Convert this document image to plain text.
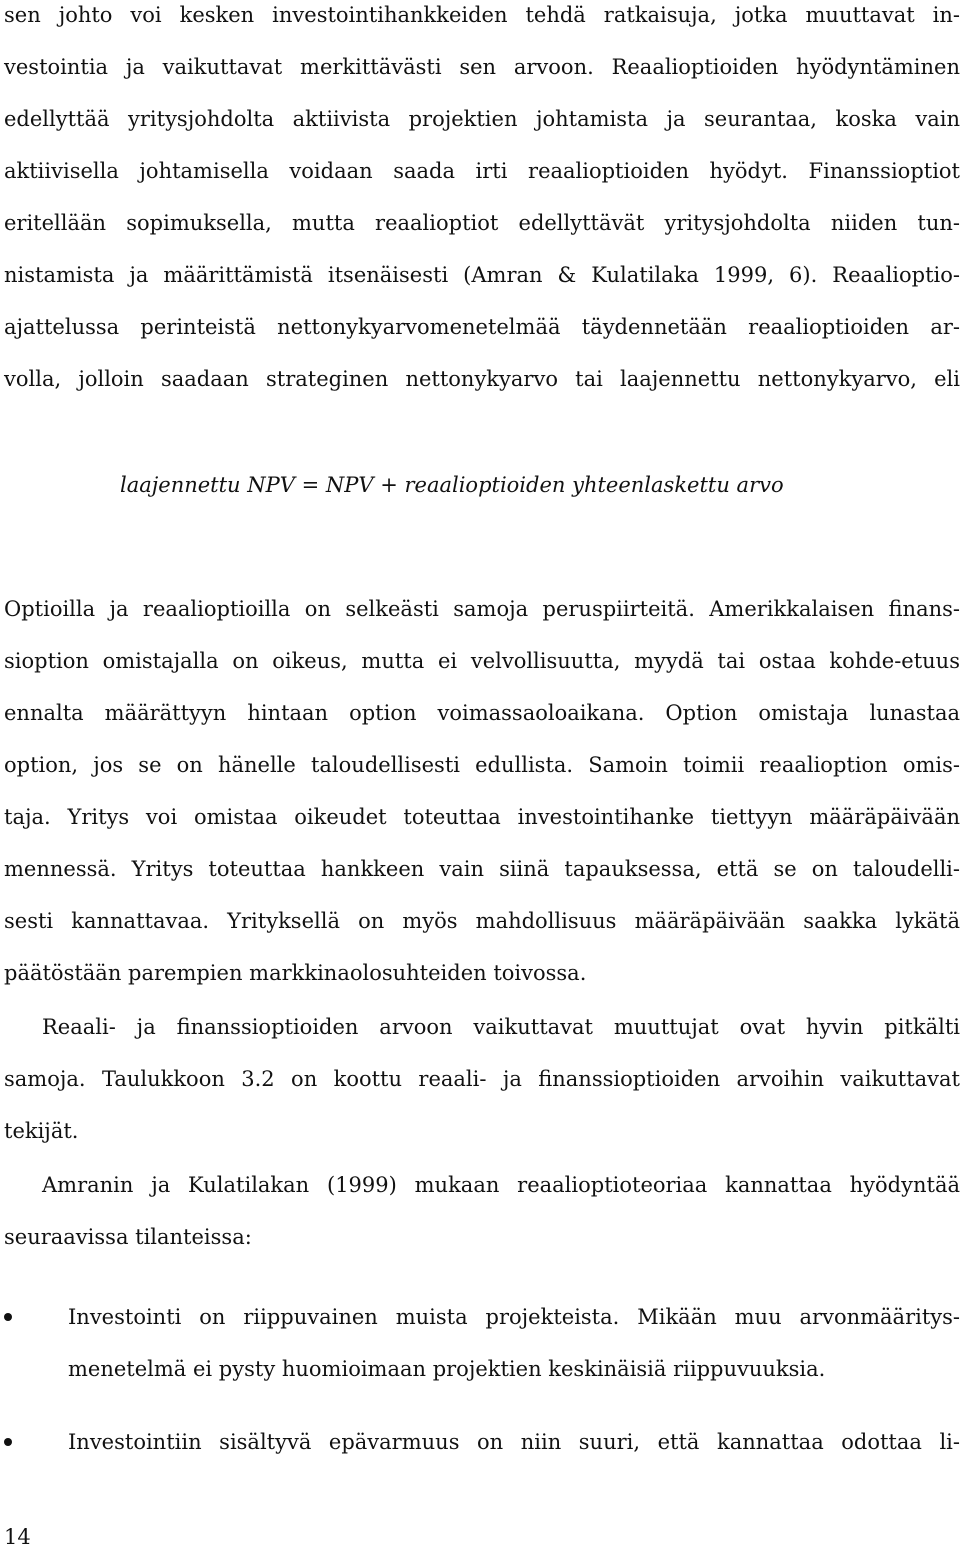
sen johto voi kesken investointihankkeiden tehdä ratkaisuja, jotka muuttavat in-
vestointia ja vaikuttavat merkittävästi sen arvoon. Reaalioptioiden hyödyntäminen
edellyttää yritysjohdolta aktiivista projektien johtamista ja seurantaa, koska vain
aktiivisella johtamisella voidaan saada irti reaalioptioiden hyödyt. Finanssioptiot
eritellään sopimuksella, mutta reaalioptiot edellyttävät yritysjohdolta niiden tun-
nistamista ja määrittämistä itsenäisesti (Amran & Kulatilaka 1999, 6). Reaalioptio-
ajattelussa perinteistä nettonykyarvomenetelmää täydennetään reaalioptioiden ar-
volla, jolloin saadaan strateginen nettonykyarvo tai laajennettu nettonykyarvo, eli
laajennettu NPV = NPV + reaalioptioiden yhteenlaskettu arvo
Optioilla ja reaalioptioilla on selkeästi samoja peruspiirteitä. Amerikkalaisen finans-
sioption omistajalla on oikeus, mutta ei velvollisuutta, myydä tai ostaa kohde-etuus
ennalta määrättyyn hintaan option voimassaoloaikana. Option omistaja lunastaa
option, jos se on hänelle taloudellisesti edullista. Samoin toimii reaalioption omis-
taja. Yritys voi omistaa oikeudet toteuttaa investointihanke tiettyyn määräpäivään
mennessä. Yritys toteuttaa hankkeen vain siinä tapauksessa, että se on taloudelli-
sesti kannattavaa. Yrityksellä on myös mahdollisuus määräpäivään saakka lykätä
päätöstään parempien markkinaolosuhteiden toivossa.
Reaali- ja finanssioptioiden arvoon vaikuttavat muuttujat ovat hyvin pitkälti
samoja. Taulukkoon 3.2 on koottu reaali- ja finanssioptioiden arvoihin vaikuttavat
tekijät.
Amranin ja Kulatilakan (1999) mukaan reaalioptioteoriaa kannattaa hyödyntää
seuraavissa tilanteissa:
Investointi on riippuvainen muista projekteista. Mikään muu arvonmääritys-
menetelmä ei pysty huomioimaan projektien keskinäisiä riippuvuuksia.
Investointiin sisältyvä epävarmuus on niin suuri, että kannattaa odottaa li-
14
